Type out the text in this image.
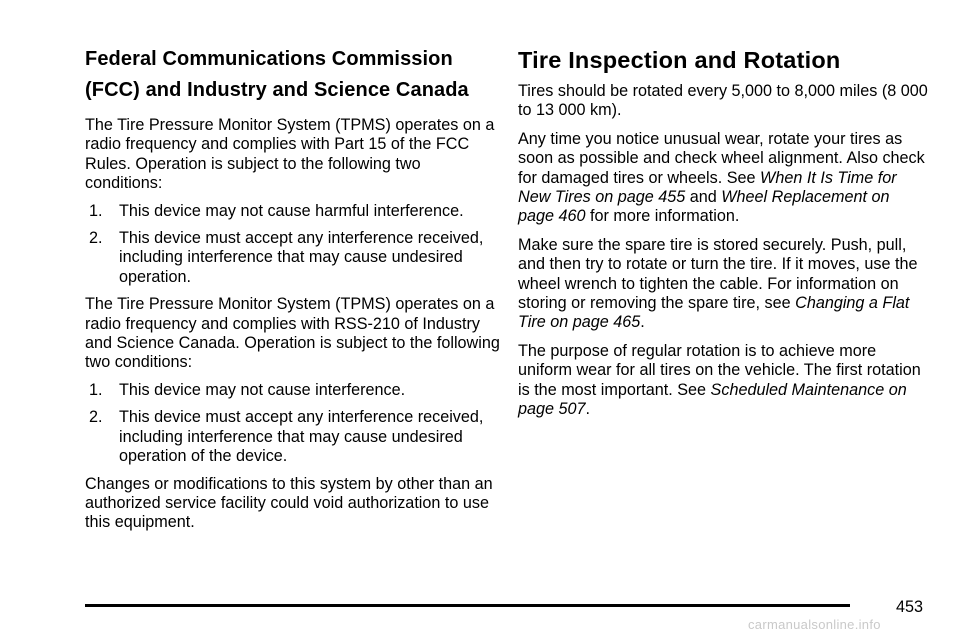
Federal Communications Commission (FCC) and Industry and Science Canada

The Tire Pressure Monitor System (TPMS) operates on a radio frequency and complies with Part 15 of the FCC Rules. Operation is subject to the following two conditions:

1. This device may not cause harmful interference.
2. This device must accept any interference received, including interference that may cause undesired operation.

The Tire Pressure Monitor System (TPMS) operates on a radio frequency and complies with RSS-210 of Industry and Science Canada. Operation is subject to the following two conditions:

1. This device may not cause interference.
2. This device must accept any interference received, including interference that may cause undesired operation of the device.

Changes or modifications to this system by other than an authorized service facility could void authorization to use this equipment.

Tire Inspection and Rotation

Tires should be rotated every 5,000 to 8,000 miles (8 000 to 13 000 km).

Any time you notice unusual wear, rotate your tires as soon as possible and check wheel alignment. Also check for damaged tires or wheels. See When It Is Time for New Tires on page 455 and Wheel Replacement on page 460 for more information.

Make sure the spare tire is stored securely. Push, pull, and then try to rotate or turn the tire. If it moves, use the wheel wrench to tighten the cable. For information on storing or removing the spare tire, see Changing a Flat Tire on page 465.

The purpose of regular rotation is to achieve more uniform wear for all tires on the vehicle. The first rotation is the most important. See Scheduled Maintenance on page 507.

453
carmanualsonline.info
